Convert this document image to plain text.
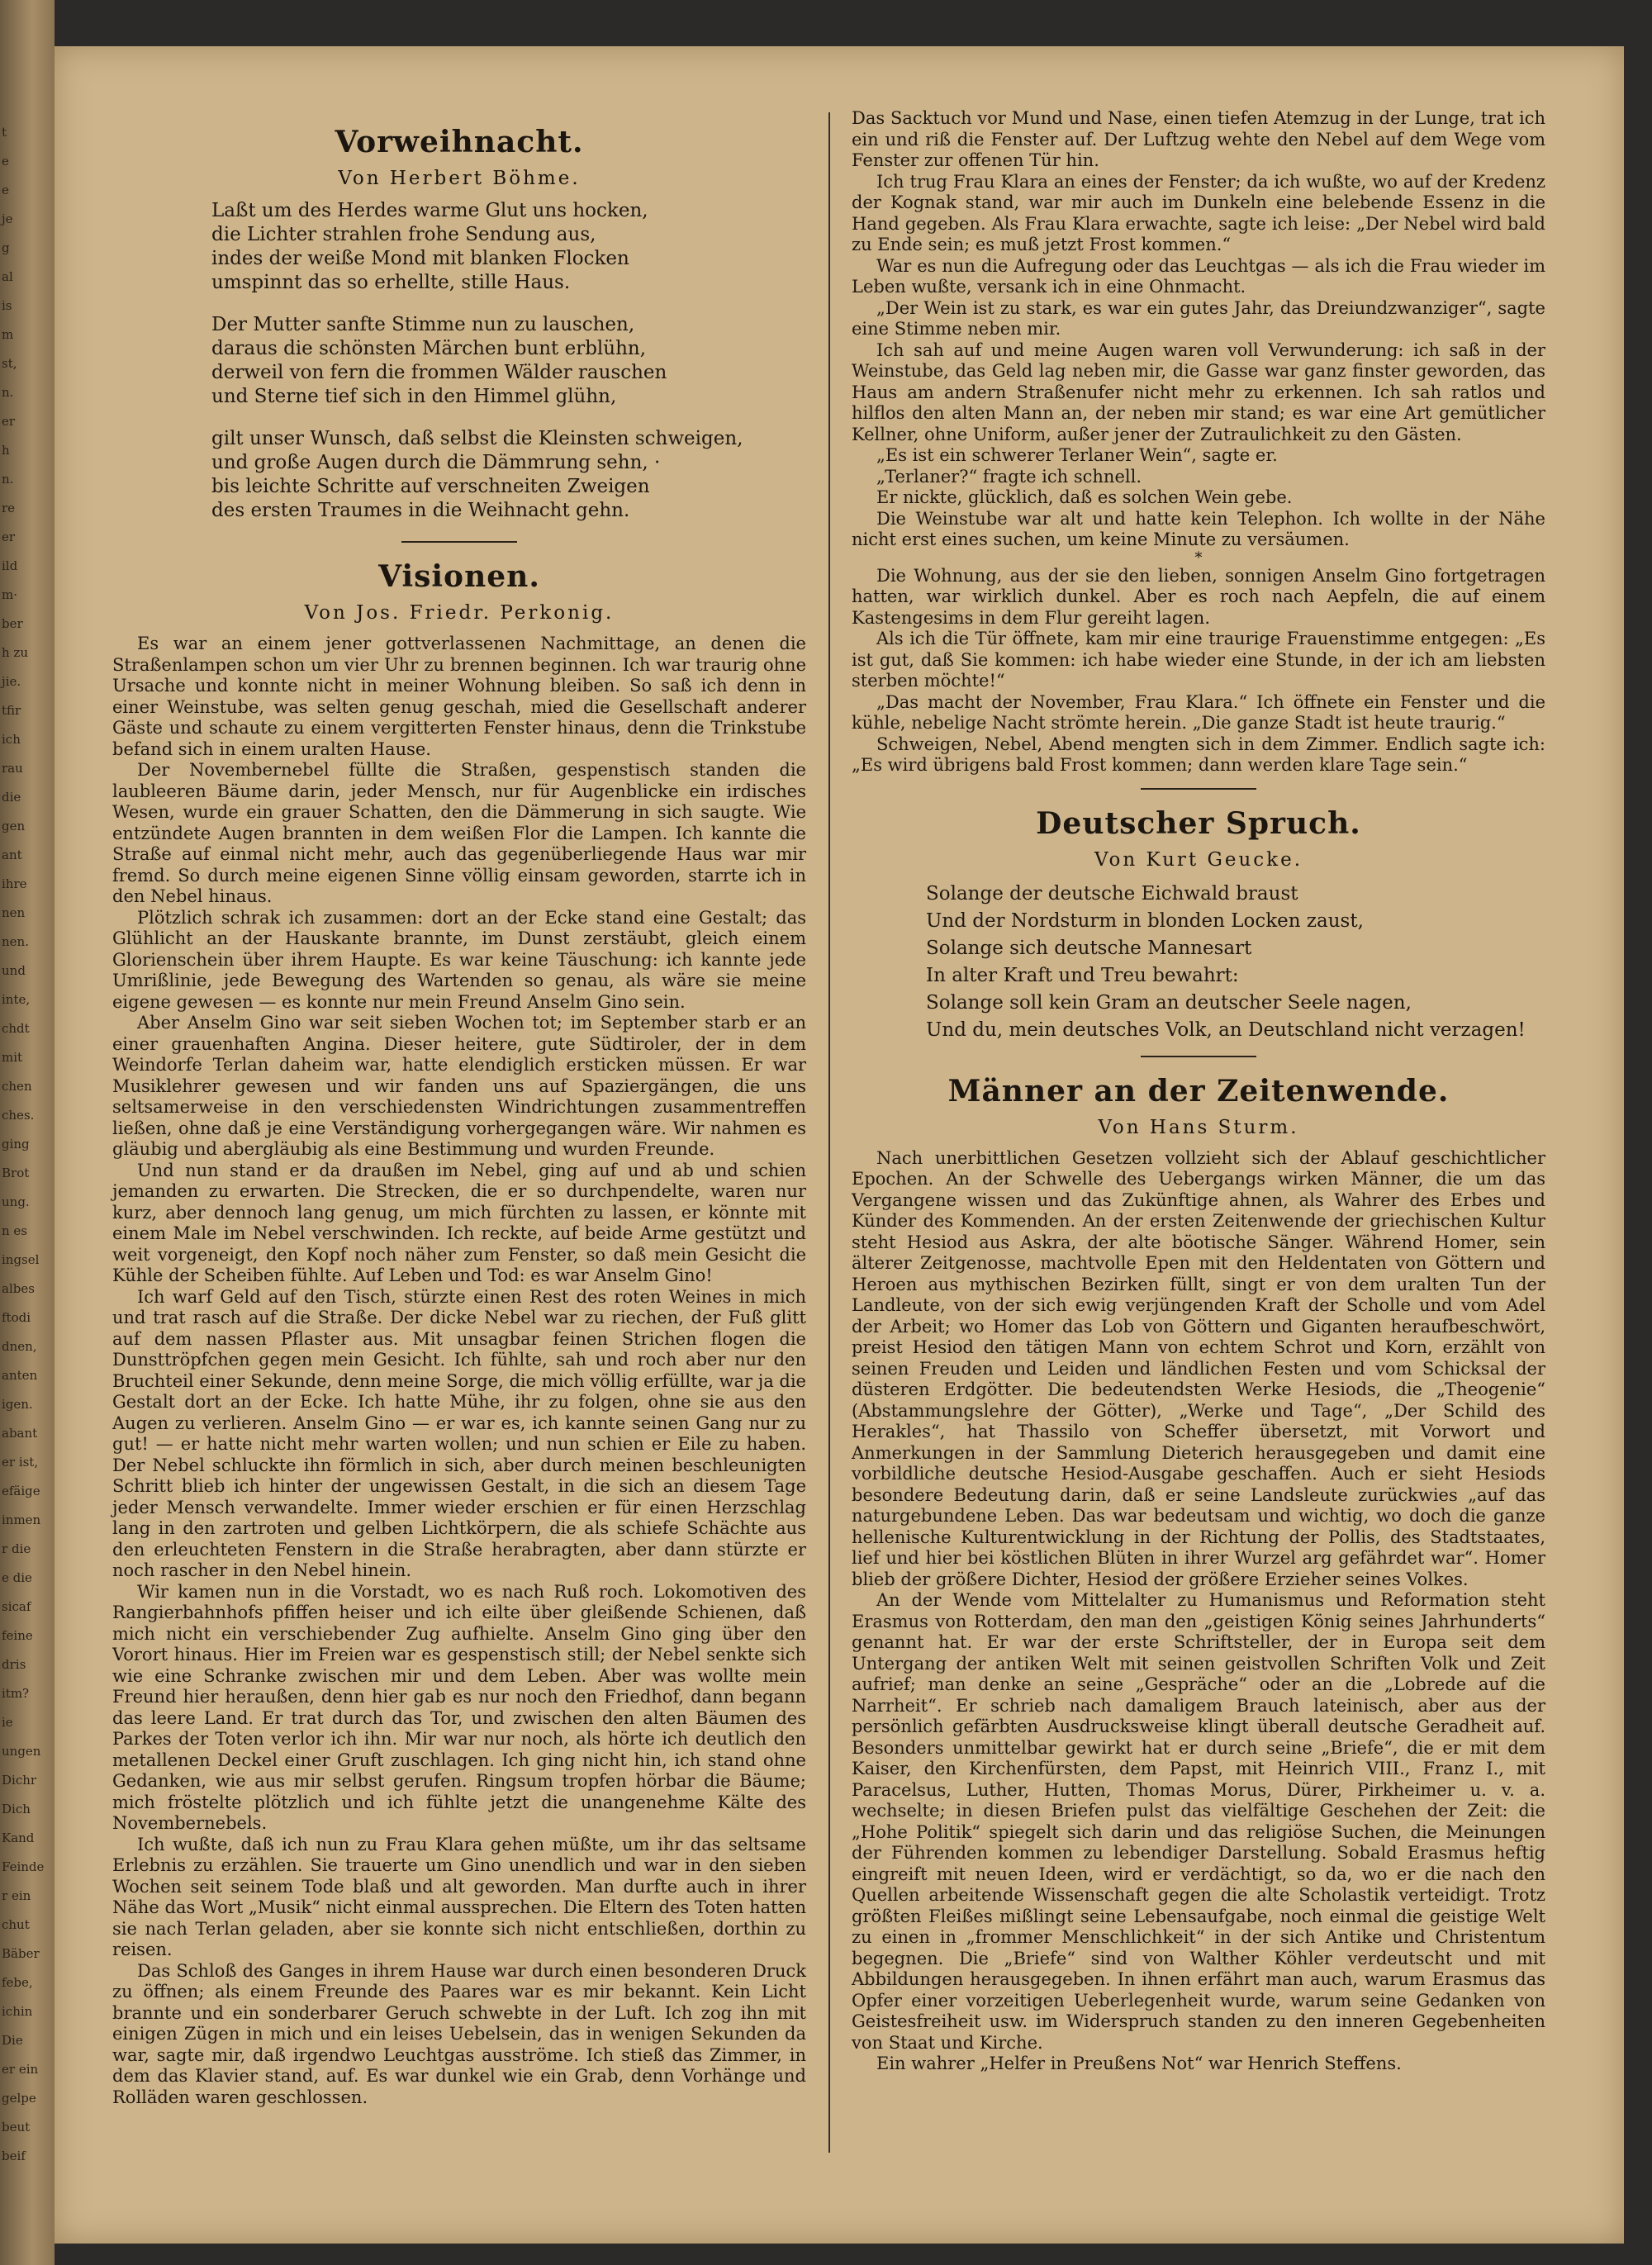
t
e
e
je
g
al
is
m
st,
n.
er
h
n.
re
er
ild
m·
ber
h zu
jie.
tfir
ich
rau
die
gen
ant
ihre
nen
nen.
und
inte,
chdt
mit
chen
ches.
ging
Brot
ung.
n es
ingsel
albes
ftodi
dnen,
anten
igen.
abant
er ist,
efäige
inmen
r die
e die
sicaf
feine
dris
itm?
ie
ungen
Dichr
Dich
Kand
Feinde
r ein
chut
Bäber
febe,
ichin
Die
er ein
gelpe
beut
beif
Vorweihnacht.
Von Herbert Böhme.
Laßt um des Herdes warme Glut uns hocken,
die Lichter strahlen frohe Sendung aus,
indes der weiße Mond mit blanken Flocken
umspinnt das so erhellte, stille Haus.
Der Mutter sanfte Stimme nun zu lauschen,
daraus die schönsten Märchen bunt erblühn,
derweil von fern die frommen Wälder rauschen
und Sterne tief sich in den Himmel glühn,
gilt unser Wunsch, daß selbst die Kleinsten schweigen,
und große Augen durch die Dämmrung sehn, ·
bis leichte Schritte auf verschneiten Zweigen
des ersten Traumes in die Weihnacht gehn.
Visionen.
Von Jos. Friedr. Perkonig.

Es war an einem jener gottverlassenen Nachmittage, an denen die Straßenlampen schon um vier Uhr zu brennen beginnen. Ich war traurig ohne Ursache und konnte nicht in meiner Wohnung bleiben. So saß ich denn in einer Weinstube, was selten genug geschah, mied die Gesellschaft anderer Gäste und schaute zu einem vergitterten Fenster hinaus, denn die Trinkstube befand sich in einem uralten Hause.

Der Novembernebel füllte die Straßen, gespenstisch standen die laubleeren Bäume darin, jeder Mensch, nur für Augenblicke ein irdisches Wesen, wurde ein grauer Schatten, den die Dämmerung in sich saugte. Wie entzündete Augen brannten in dem weißen Flor die Lampen. Ich kannte die Straße auf einmal nicht mehr, auch das gegenüberliegende Haus war mir fremd. So durch meine eigenen Sinne völlig einsam geworden, starrte ich in den Nebel hinaus.

Plötzlich schrak ich zusammen: dort an der Ecke stand eine Gestalt; das Glühlicht an der Hauskante brannte, im Dunst zerstäubt, gleich einem Glorienschein über ihrem Haupte. Es war keine Täuschung: ich kannte jede Umrißlinie, jede Bewegung des Wartenden so genau, als wäre sie meine eigene gewesen — es konnte nur mein Freund Anselm Gino sein.

Aber Anselm Gino war seit sieben Wochen tot; im September starb er an einer grauenhaften Angina. Dieser heitere, gute Südtiroler, der in dem Weindorfe Terlan daheim war, hatte elendiglich ersticken müssen. Er war Musiklehrer gewesen und wir fanden uns auf Spaziergängen, die uns seltsamerweise in den verschiedensten Windrichtungen zusammentreffen ließen, ohne daß je eine Verständigung vorhergegangen wäre. Wir nahmen es gläubig und abergläubig als eine Bestimmung und wurden Freunde.

Und nun stand er da draußen im Nebel, ging auf und ab und schien jemanden zu erwarten. Die Strecken, die er so durchpendelte, waren nur kurz, aber dennoch lang genug, um mich fürchten zu lassen, er könnte mit einem Male im Nebel verschwinden. Ich reckte, auf beide Arme gestützt und weit vorgeneigt, den Kopf noch näher zum Fenster, so daß mein Gesicht die Kühle der Scheiben fühlte. Auf Leben und Tod: es war Anselm Gino!

Ich warf Geld auf den Tisch, stürzte einen Rest des roten Weines in mich und trat rasch auf die Straße. Der dicke Nebel war zu riechen, der Fuß glitt auf dem nassen Pflaster aus. Mit unsagbar feinen Strichen flogen die Dunsttröpfchen gegen mein Gesicht. Ich fühlte, sah und roch aber nur den Bruchteil einer Sekunde, denn meine Sorge, die mich völlig erfüllte, war ja die Gestalt dort an der Ecke. Ich hatte Mühe, ihr zu folgen, ohne sie aus den Augen zu verlieren. Anselm Gino — er war es, ich kannte seinen Gang nur zu gut! — er hatte nicht mehr warten wollen; und nun schien er Eile zu haben. Der Nebel schluckte ihn förmlich in sich, aber durch meinen beschleunigten Schritt blieb ich hinter der ungewissen Gestalt, in die sich an diesem Tage jeder Mensch verwandelte. Immer wieder erschien er für einen Herzschlag lang in den zartroten und gelben Lichtkörpern, die als schiefe Schächte aus den erleuchteten Fenstern in die Straße herabragten, aber dann stürzte er noch rascher in den Nebel hinein.

Wir kamen nun in die Vorstadt, wo es nach Ruß roch. Lokomotiven des Rangierbahnhofs pfiffen heiser und ich eilte über gleißende Schienen, daß mich nicht ein verschiebender Zug aufhielte. Anselm Gino ging über den Vorort hinaus. Hier im Freien war es gespenstisch still; der Nebel senkte sich wie eine Schranke zwischen mir und dem Leben. Aber was wollte mein Freund hier heraußen, denn hier gab es nur noch den Friedhof, dann begann das leere Land. Er trat durch das Tor, und zwischen den alten Bäumen des Parkes der Toten verlor ich ihn. Mir war nur noch, als hörte ich deutlich den metallenen Deckel einer Gruft zuschlagen. Ich ging nicht hin, ich stand ohne Gedanken, wie aus mir selbst gerufen. Ringsum tropfen hörbar die Bäume; mich fröstelte plötzlich und ich fühlte jetzt die unangenehme Kälte des Novembernebels.

Ich wußte, daß ich nun zu Frau Klara gehen müßte, um ihr das seltsame Erlebnis zu erzählen. Sie trauerte um Gino unendlich und war in den sieben Wochen seit seinem Tode blaß und alt geworden. Man durfte auch in ihrer Nähe das Wort „Musik“ nicht einmal aussprechen. Die Eltern des Toten hatten sie nach Terlan geladen, aber sie konnte sich nicht entschließen, dorthin zu reisen.

Das Schloß des Ganges in ihrem Hause war durch einen besonderen Druck zu öffnen; als einem Freunde des Paares war es mir bekannt. Kein Licht brannte und ein sonderbarer Geruch schwebte in der Luft. Ich zog ihn mit einigen Zügen in mich und ein leises Uebelsein, das in wenigen Sekunden da war, sagte mir, daß irgendwo Leuchtgas ausströme. Ich stieß das Zimmer, in dem das Klavier stand, auf. Es war dunkel wie ein Grab, denn Vorhänge und Rolläden waren geschlossen.

Das Sacktuch vor Mund und Nase, einen tiefen Atemzug in der Lunge, trat ich ein und riß die Fenster auf. Der Luftzug wehte den Nebel auf dem Wege vom Fenster zur offenen Tür hin.

Ich trug Frau Klara an eines der Fenster; da ich wußte, wo auf der Kredenz der Kognak stand, war mir auch im Dunkeln eine belebende Essenz in die Hand gegeben. Als Frau Klara erwachte, sagte ich leise: „Der Nebel wird bald zu Ende sein; es muß jetzt Frost kommen.“

War es nun die Aufregung oder das Leuchtgas — als ich die Frau wieder im Leben wußte, versank ich in eine Ohnmacht.

„Der Wein ist zu stark, es war ein gutes Jahr, das Dreiundzwanziger“, sagte eine Stimme neben mir.

Ich sah auf und meine Augen waren voll Verwunderung: ich saß in der Weinstube, das Geld lag neben mir, die Gasse war ganz finster geworden, das Haus am andern Straßenufer nicht mehr zu erkennen. Ich sah ratlos und hilflos den alten Mann an, der neben mir stand; es war eine Art gemütlicher Kellner, ohne Uniform, außer jener der Zutraulichkeit zu den Gästen.

„Es ist ein schwerer Terlaner Wein“, sagte er.

„Terlaner?“ fragte ich schnell.

Er nickte, glücklich, daß es solchen Wein gebe.

Die Weinstube war alt und hatte kein Telephon. Ich wollte in der Nähe nicht erst eines suchen, um keine Minute zu versäumen.

*

Die Wohnung, aus der sie den lieben, sonnigen Anselm Gino fortgetragen hatten, war wirklich dunkel. Aber es roch nach Aepfeln, die auf einem Kastengesims in dem Flur gereiht lagen.

Als ich die Tür öffnete, kam mir eine traurige Frauenstimme entgegen: „Es ist gut, daß Sie kommen: ich habe wieder eine Stunde, in der ich am liebsten sterben möchte!“

„Das macht der November, Frau Klara.“ Ich öffnete ein Fenster und die kühle, nebelige Nacht strömte herein. „Die ganze Stadt ist heute traurig.“

Schweigen, Nebel, Abend mengten sich in dem Zimmer. Endlich sagte ich: „Es wird übrigens bald Frost kommen; dann werden klare Tage sein.“

Deutscher Spruch.
Von Kurt Geucke.
Solange der deutsche Eichwald braust
Und der Nordsturm in blonden Locken zaust,
Solange sich deutsche Mannesart
In alter Kraft und Treu bewahrt:
Solange soll kein Gram an deutscher Seele nagen,
Und du, mein deutsches Volk, an Deutschland nicht verzagen!
Männer an der Zeitenwende.
Von Hans Sturm.

Nach unerbittlichen Gesetzen vollzieht sich der Ablauf geschichtlicher Epochen. An der Schwelle des Uebergangs wirken Männer, die um das Vergangene wissen und das Zukünftige ahnen, als Wahrer des Erbes und Künder des Kommenden. An der ersten Zeitenwende der griechischen Kultur steht Hesiod aus Askra, der alte böotische Sänger. Während Homer, sein älterer Zeitgenosse, machtvolle Epen mit den Heldentaten von Göttern und Heroen aus mythischen Bezirken füllt, singt er von dem uralten Tun der Landleute, von der sich ewig verjüngenden Kraft der Scholle und vom Adel der Arbeit; wo Homer das Lob von Göttern und Giganten heraufbeschwört, preist Hesiod den tätigen Mann von echtem Schrot und Korn, erzählt von seinen Freuden und Leiden und ländlichen Festen und vom Schicksal der düsteren Erdgötter. Die bedeutendsten Werke Hesiods, die „Theogenie“ (Abstammungslehre der Götter), „Werke und Tage“, „Der Schild des Herakles“, hat Thassilo von Scheffer übersetzt, mit Vorwort und Anmerkungen in der Sammlung Dieterich herausgegeben und damit eine vorbildliche deutsche Hesiod-Ausgabe geschaffen. Auch er sieht Hesiods besondere Bedeutung darin, daß er seine Landsleute zurückwies „auf das naturgebundene Leben. Das war bedeutsam und wichtig, wo doch die ganze hellenische Kulturentwicklung in der Richtung der Pollis, des Stadtstaates, lief und hier bei köstlichen Blüten in ihrer Wurzel arg gefährdet war“. Homer blieb der größere Dichter, Hesiod der größere Erzieher seines Volkes.

An der Wende vom Mittelalter zu Humanismus und Reformation steht Erasmus von Rotterdam, den man den „geistigen König seines Jahrhunderts“ genannt hat. Er war der erste Schriftsteller, der in Europa seit dem Untergang der antiken Welt mit seinen geistvollen Schriften Volk und Zeit aufrief; man denke an seine „Gespräche“ oder an die „Lobrede auf die Narrheit“. Er schrieb nach damaligem Brauch lateinisch, aber aus der persönlich gefärbten Ausdrucksweise klingt überall deutsche Geradheit auf. Besonders unmittelbar gewirkt hat er durch seine „Briefe“, die er mit dem Kaiser, den Kirchenfürsten, dem Papst, mit Heinrich VIII., Franz I., mit Paracelsus, Luther, Hutten, Thomas Morus, Dürer, Pirkheimer u. v. a. wechselte; in diesen Briefen pulst das vielfältige Geschehen der Zeit: die „Hohe Politik“ spiegelt sich darin und das religiöse Suchen, die Meinungen der Führenden kommen zu lebendiger Darstellung. Sobald Erasmus heftig eingreift mit neuen Ideen, wird er verdächtigt, so da, wo er die nach den Quellen arbeitende Wissenschaft gegen die alte Scholastik verteidigt. Trotz größten Fleißes mißlingt seine Lebensaufgabe, noch einmal die geistige Welt zu einen in „frommer Menschlichkeit“ in der sich Antike und Christentum begegnen. Die „Briefe“ sind von Walther Köhler verdeutscht und mit Abbildungen herausgegeben. In ihnen erfährt man auch, warum Erasmus das Opfer einer vorzeitigen Ueberlegenheit wurde, warum seine Gedanken von Geistesfreiheit usw. im Widerspruch standen zu den inneren Gegebenheiten von Staat und Kirche.

Ein wahrer „Helfer in Preußens Not“ war Henrich Steffens.
